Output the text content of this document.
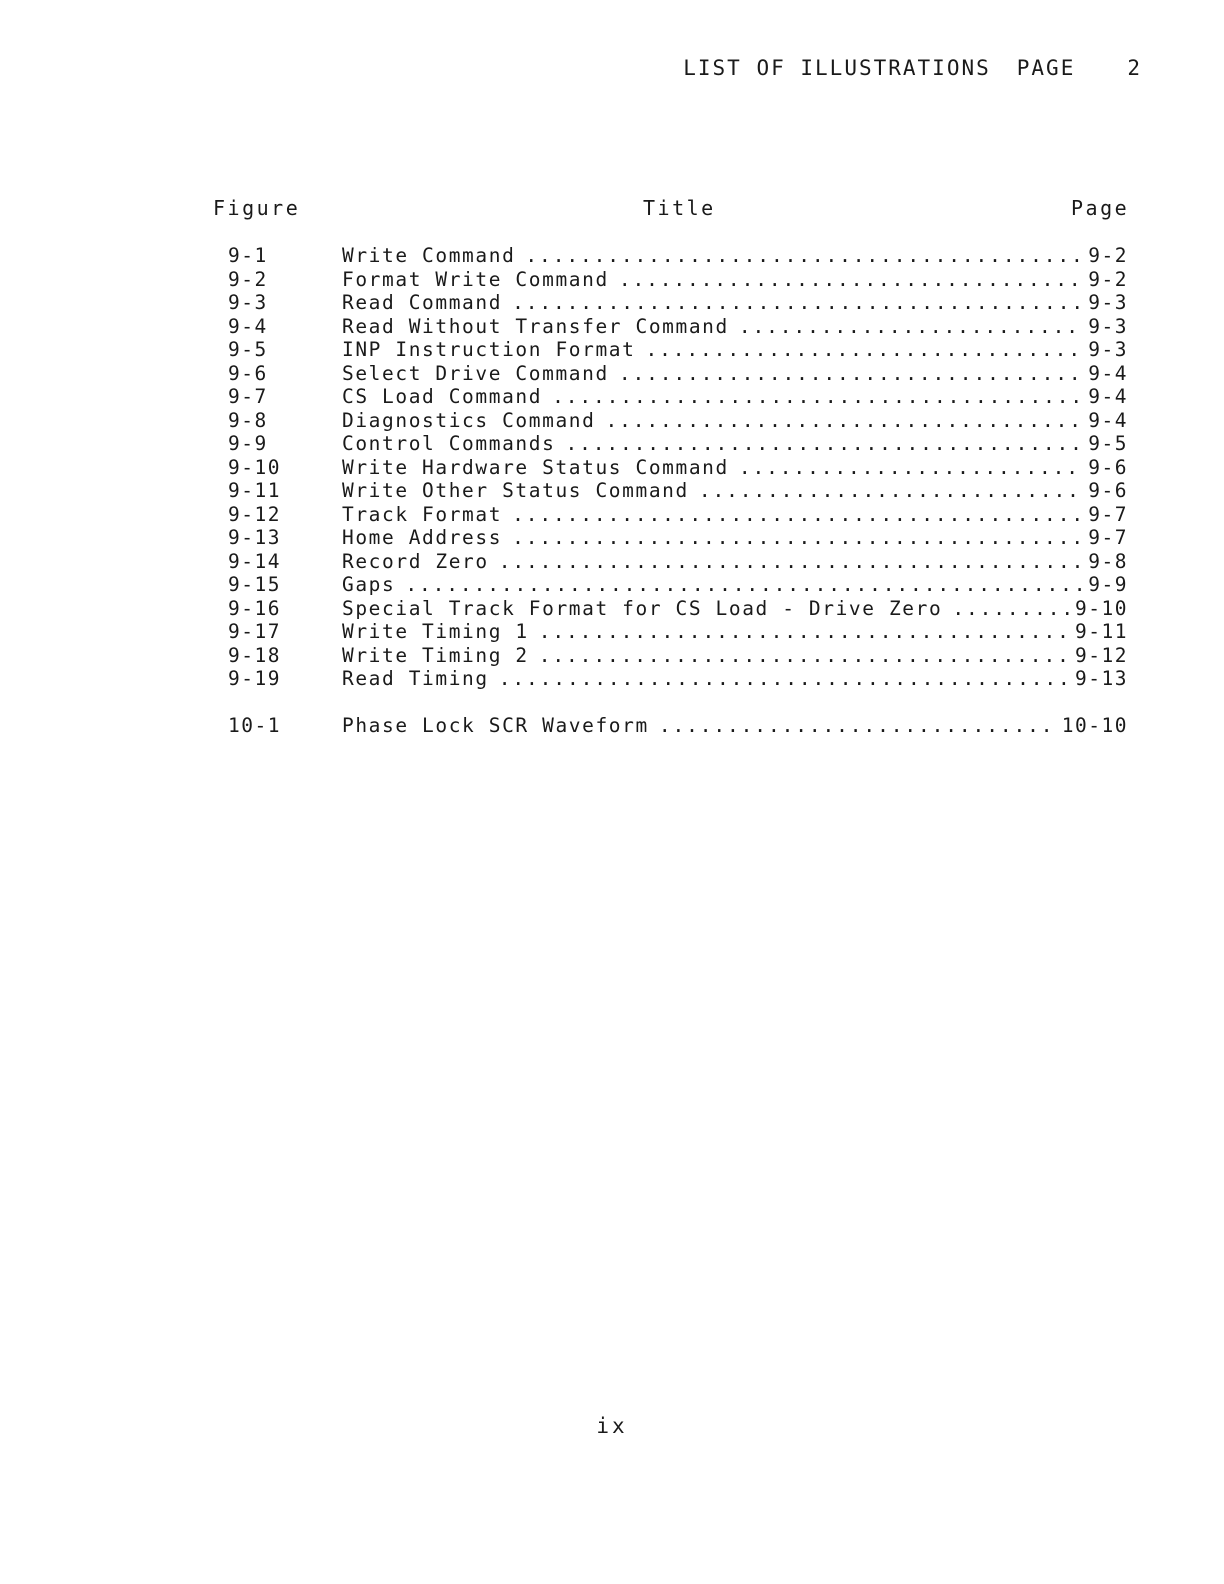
LIST OF ILLUSTRATIONS PAGE 2
Figure	Title	Page
9-1	Write Command .....	9-2
9-2	Format Write Command .....	9-2
9-3	Read Command .....	9-3
9-4	Read Without Transfer Command .....	9-3
9-5	INP Instruction Format .....	9-3
9-6	Select Drive Command .....	9-4
9-7	CS Load Command .....	9-4
9-8	Diagnostics Command .....	9-4
9-9	Control Commands .....	9-5
9-10	Write Hardware Status Command .....	9-6
9-11	Write Other Status Command .....	9-6
9-12	Track Format .....	9-7
9-13	Home Address .....	9-7
9-14	Record Zero .....	9-8
9-15	Gaps .....	9-9
9-16	Special Track Format for CS Load - Drive Zero .....	9-10
9-17	Write Timing 1 .....	9-11
9-18	Write Timing 2 .....	9-12
9-19	Read Timing .....	9-13
10-1	Phase Lock SCR Waveform .....	10-10
ix
